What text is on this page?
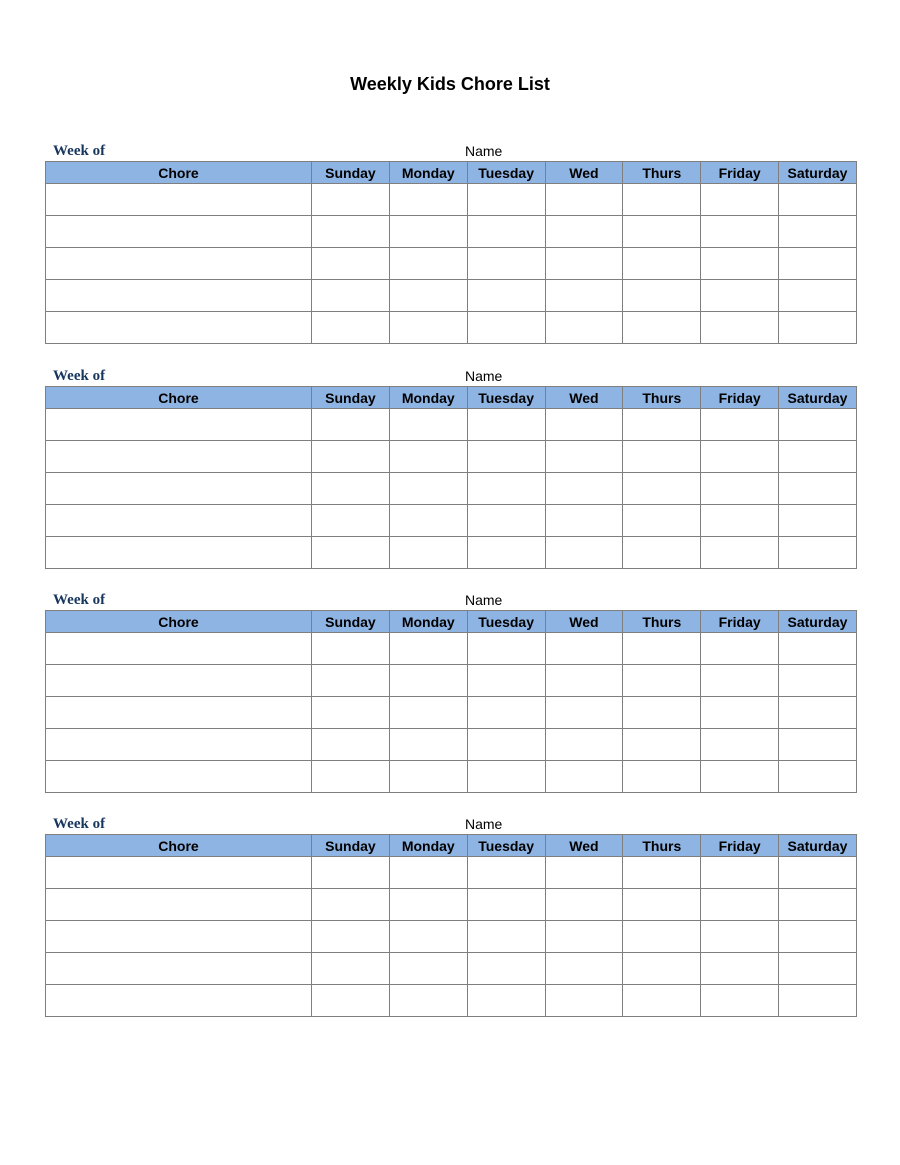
Weekly Kids Chore List
Week of	Name
Chore	Sunday	Monday	Tuesday	Wed	Thurs	Friday	Saturday

Week of	Name
Chore	Sunday	Monday	Tuesday	Wed	Thurs	Friday	Saturday

Week of	Name
Chore	Sunday	Monday	Tuesday	Wed	Thurs	Friday	Saturday

Week of	Name
Chore	Sunday	Monday	Tuesday	Wed	Thurs	Friday	Saturday
